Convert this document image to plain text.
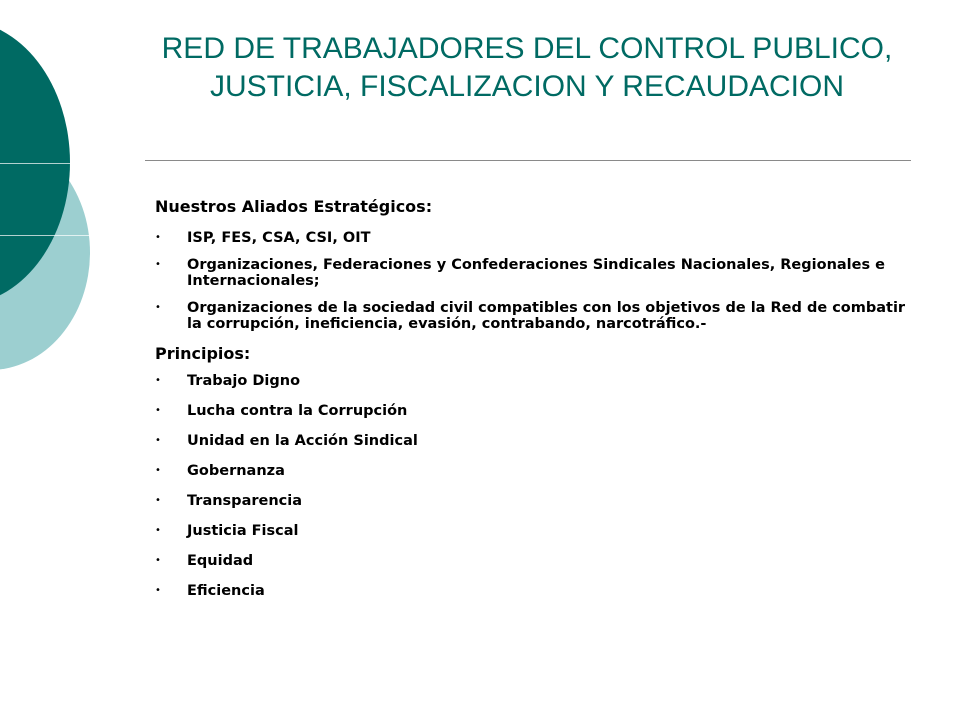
RED DE TRABAJADORES DEL CONTROL PUBLICO, JUSTICIA, FISCALIZACION Y RECAUDACION

Nuestros Aliados Estratégicos:

• ISP, FES, CSA, CSI, OIT
• Organizaciones, Federaciones y Confederaciones Sindicales Nacionales, Regionales e Internacionales;
• Organizaciones de la sociedad civil compatibles con los objetivos de la Red de combatir la corrupción, ineficiencia, evasión, contrabando, narcotráfico.-

Principios:

• Trabajo Digno
• Lucha contra la Corrupción
• Unidad en la Acción Sindical
• Gobernanza
• Transparencia
• Justicia Fiscal
• Equidad
• Eficiencia
